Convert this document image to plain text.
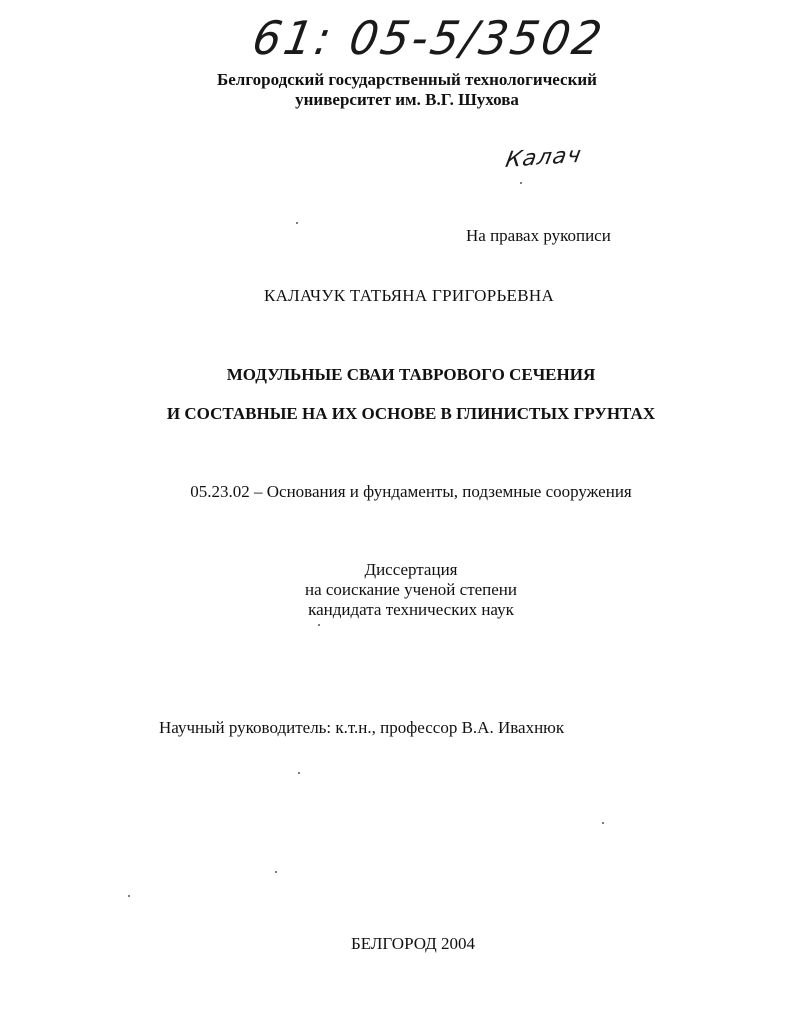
61: 05-5/3502
Белгородский государственный технологический
университет им. В.Г. Шухова
Калач
На правах рукописи
КАЛАЧУК ТАТЬЯНА ГРИГОРЬЕВНА
МОДУЛЬНЫЕ СВАИ ТАВРОВОГО СЕЧЕНИЯ
И СОСТАВНЫЕ НА ИХ ОСНОВЕ В ГЛИНИСТЫХ ГРУНТАХ
05.23.02 – Основания и фундаменты, подземные сооружения
Диссертация
на соискание ученой степени
кандидата технических наук
Научный руководитель: к.т.н., профессор В.А. Ивахнюк
БЕЛГОРОД 2004
